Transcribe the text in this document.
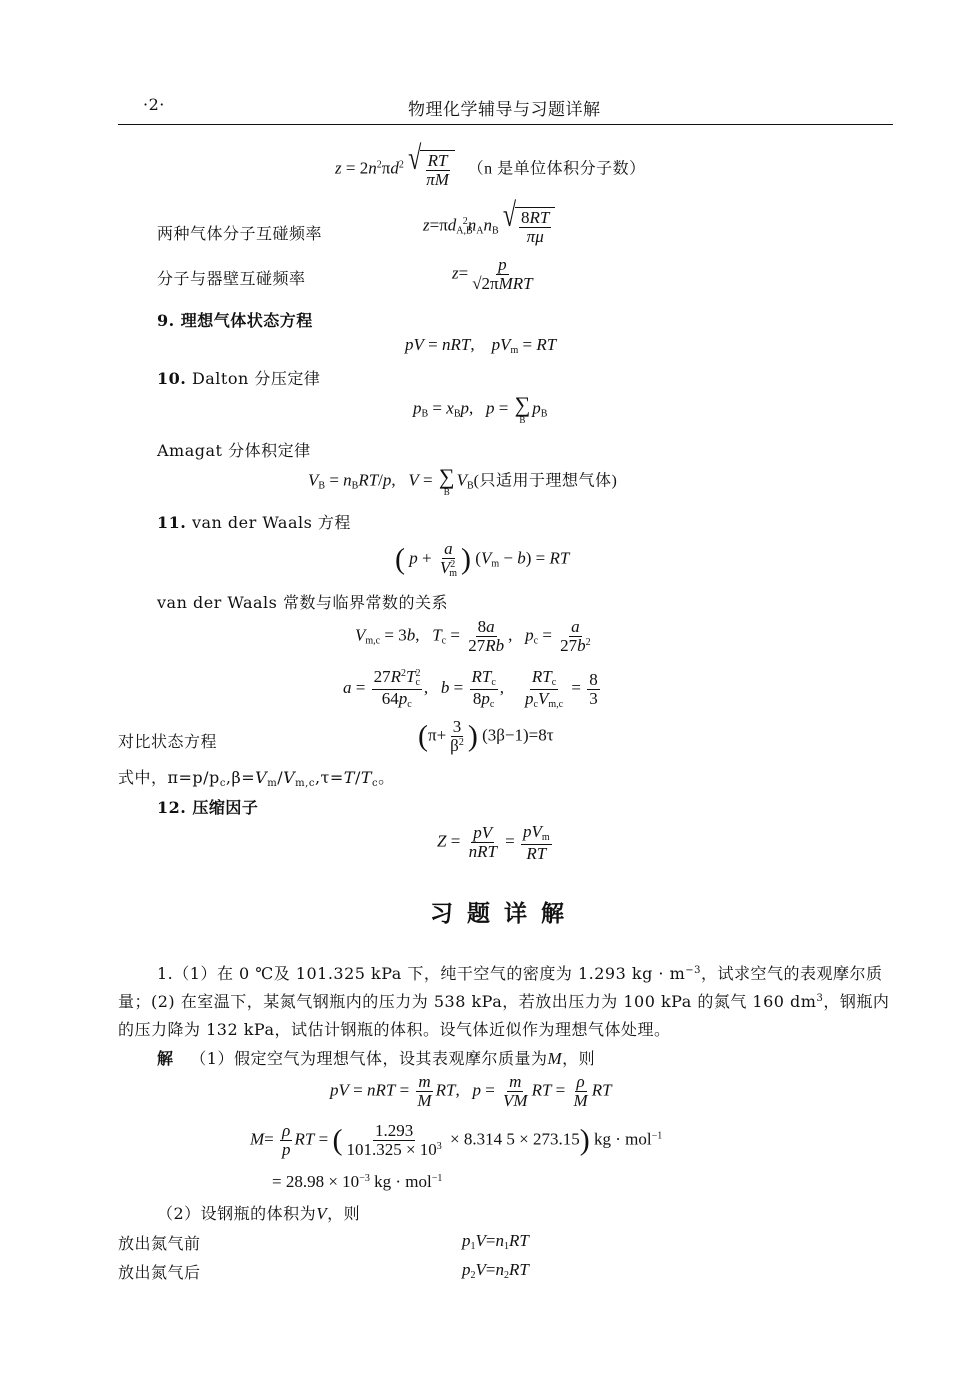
·2·	物理化学辅导与习题详解
$z = 2n^2\pi d^2$ √ $\frac{RT}{\pi M} (n$ 是单位体积分子数）
两种气体分子互碰频率	$z=\pi d_{A,B}^2n_An_B$ √ $\frac{8RT}{\pi\mu}$
分子与器壁互碰频率	$z= \frac{p}{\text{√2πMRT}}$
9. 理想气体状态方程
pV = nRT,    $pV_m$ = RT
10. Dalton 分压定律
$p_B = x_Bp$,   p = ∑
B
$p_B$
Amagat 分体积定律
$V_B = n_BRT/p$,   V = ∑
B
$V_B$(只适用于理想气体)
11. van der Waals 方程
( $p + \frac{a}{V^2_m}$ ) $(V_m - b)$ = RT
van der Waals 常数与临界常数的关系
$V_{m,c} = 3b$,   $T_c = \frac{8a}{27Rb}$ ,   $p_c = \frac{a}{27b^2}$
$a = \frac{27R^2T^2_c}{64p_c}$ ,   $b = \frac{RT_c}{8p_c}$ , $\frac{RT_c}{p_cV_{m,c}} = \frac{8}{3}$
对比状态方程	($\pi+ \frac{3}{\beta^2}$ ) (3β−1)=8τ
式中，$\pi=p/p_c,\beta=V_m/V_{m,c},\tau=T/T_c$。
12. 压缩因子
$Z = \frac{pV}{\text{nRT}} = \frac{pV_m}{RT}$
习 题 详 解
1.（1）在 0 ℃及 101.325 kPa 下，纯干空气的密度为 1.293 kg · $m^{-3}$，试求空气的表观摩尔质
量；(2) 在室温下，某氮气钢瓶内的压力为 538 kPa，若放出压力为 100 kPa 的氮气 160 $dm^3$，钢瓶内
的压力降为 132 kPa，试估计钢瓶的体积。设气体近似作为理想气体处理。
解 （1）假定空气为理想气体，设其表观摩尔质量为M，则
pV = nRT = $\frac{m}{M}$ RT,   $p = \frac{m}{VM}$ RT = $\frac{\rho}{M}$ RT
$M= \frac{\rho}{p}$ RT = ( $\frac{1.293}{101.325 \times 10^3} \times 8.314$ 5 × 273.15) kg · mol$^{-1}$
= $28.98 \times 10^{-3}$ kg · mol$^{-1}$
（2）设钢瓶的体积为V，则
放出氮气前	$p_1V=n_1RT$
放出氮气后	$p_2V=n_2RT$
